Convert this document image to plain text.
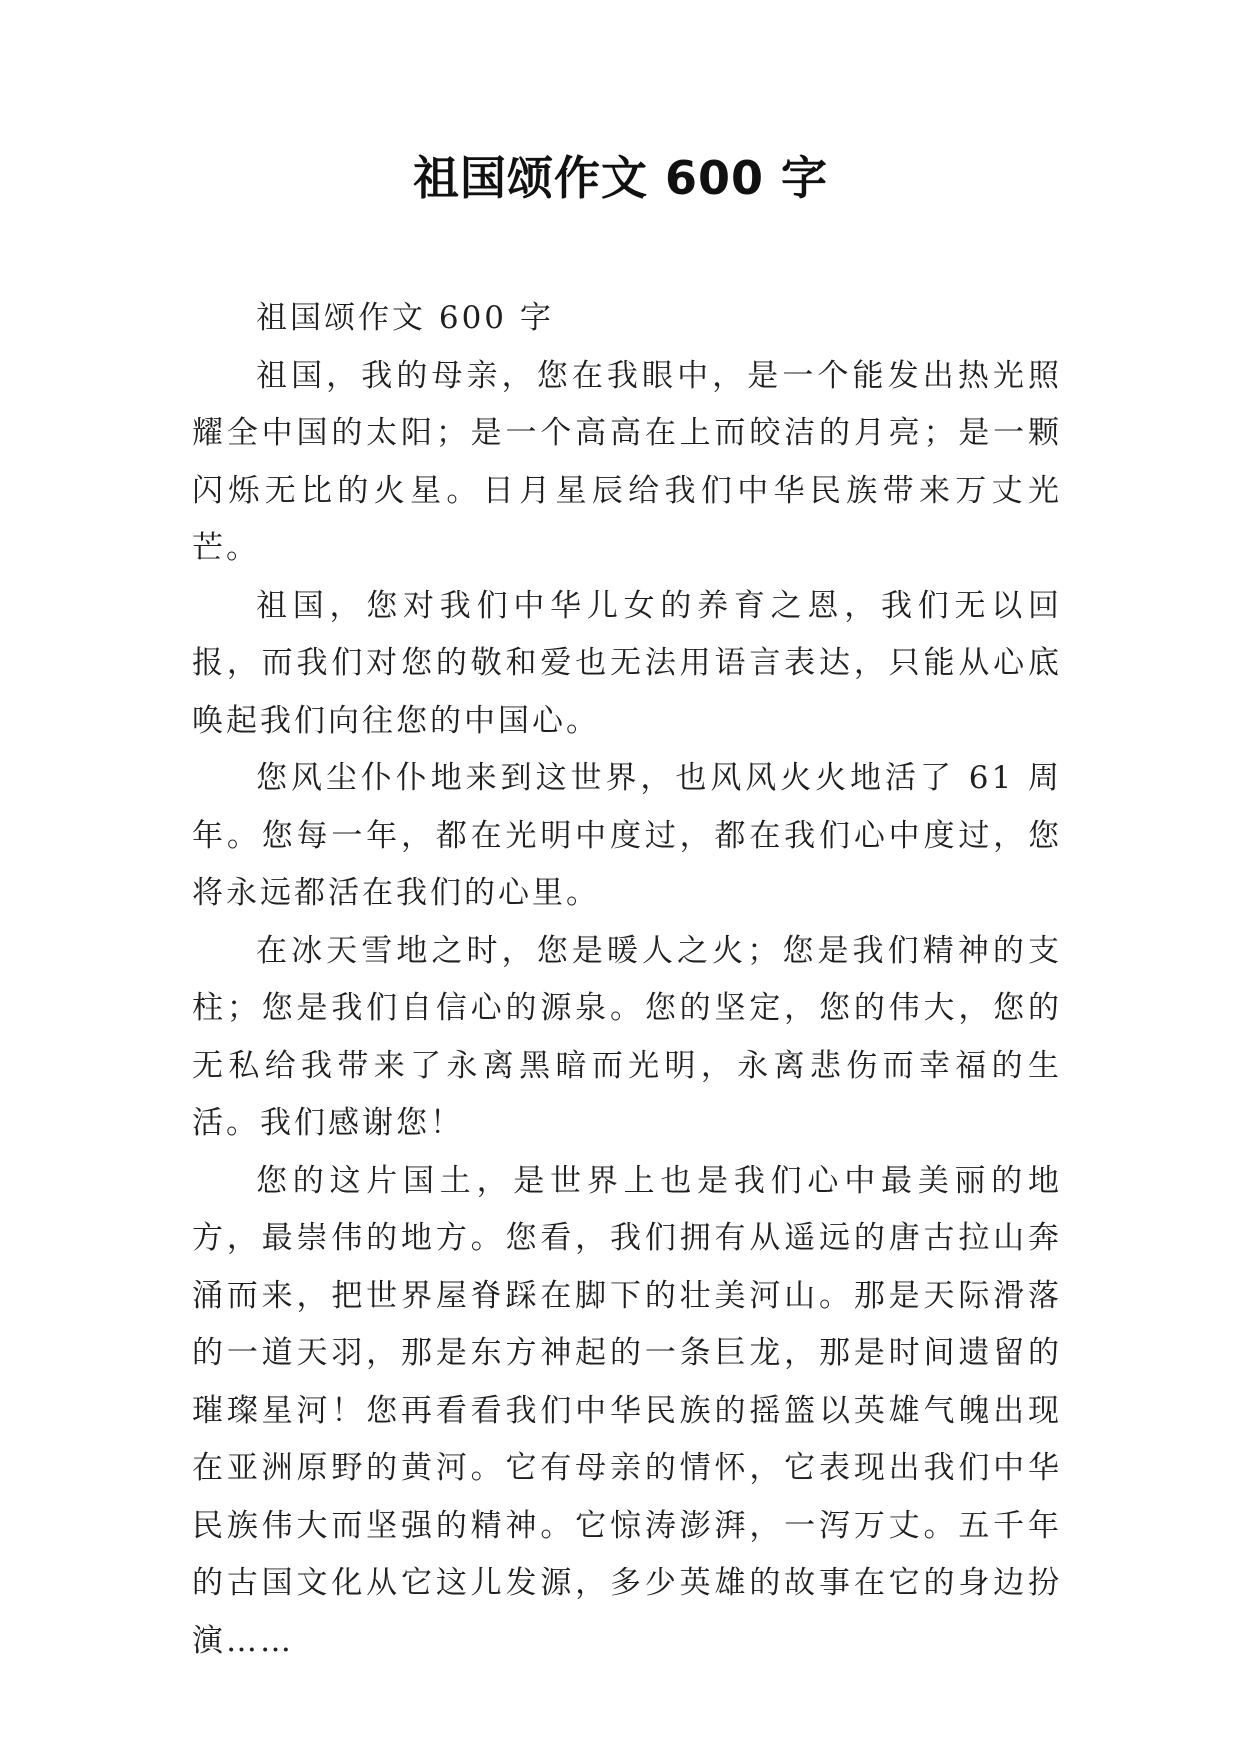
祖国颂作文 600 字

祖国颂作文 600 字

祖国，我的母亲，您在我眼中，是一个能发出热光照耀全中国的太阳；是一个高高在上而皎洁的月亮；是一颗闪烁无比的火星。日月星辰给我们中华民族带来万丈光芒。

祖国，您对我们中华儿女的养育之恩，我们无以回报，而我们对您的敬和爱也无法用语言表达，只能从心底唤起我们向往您的中国心。

您风尘仆仆地来到这世界，也风风火火地活了 61 周年。您每一年，都在光明中度过，都在我们心中度过，您将永远都活在我们的心里。

在冰天雪地之时，您是暖人之火；您是我们精神的支柱；您是我们自信心的源泉。您的坚定，您的伟大，您的无私给我带来了永离黑暗而光明，永离悲伤而幸福的生活。我们感谢您！

您的这片国土，是世界上也是我们心中最美丽的地方，最崇伟的地方。您看，我们拥有从遥远的唐古拉山奔涌而来，把世界屋脊踩在脚下的壮美河山。那是天际滑落的一道天羽，那是东方神起的一条巨龙，那是时间遗留的璀璨星河！您再看看我们中华民族的摇篮以英雄气魄出现在亚洲原野的黄河。它有母亲的情怀，它表现出我们中华民族伟大而坚强的精神。它惊涛澎湃，一泻万丈。五千年的古国文化从它这儿发源，多少英雄的故事在它的身边扮演……
